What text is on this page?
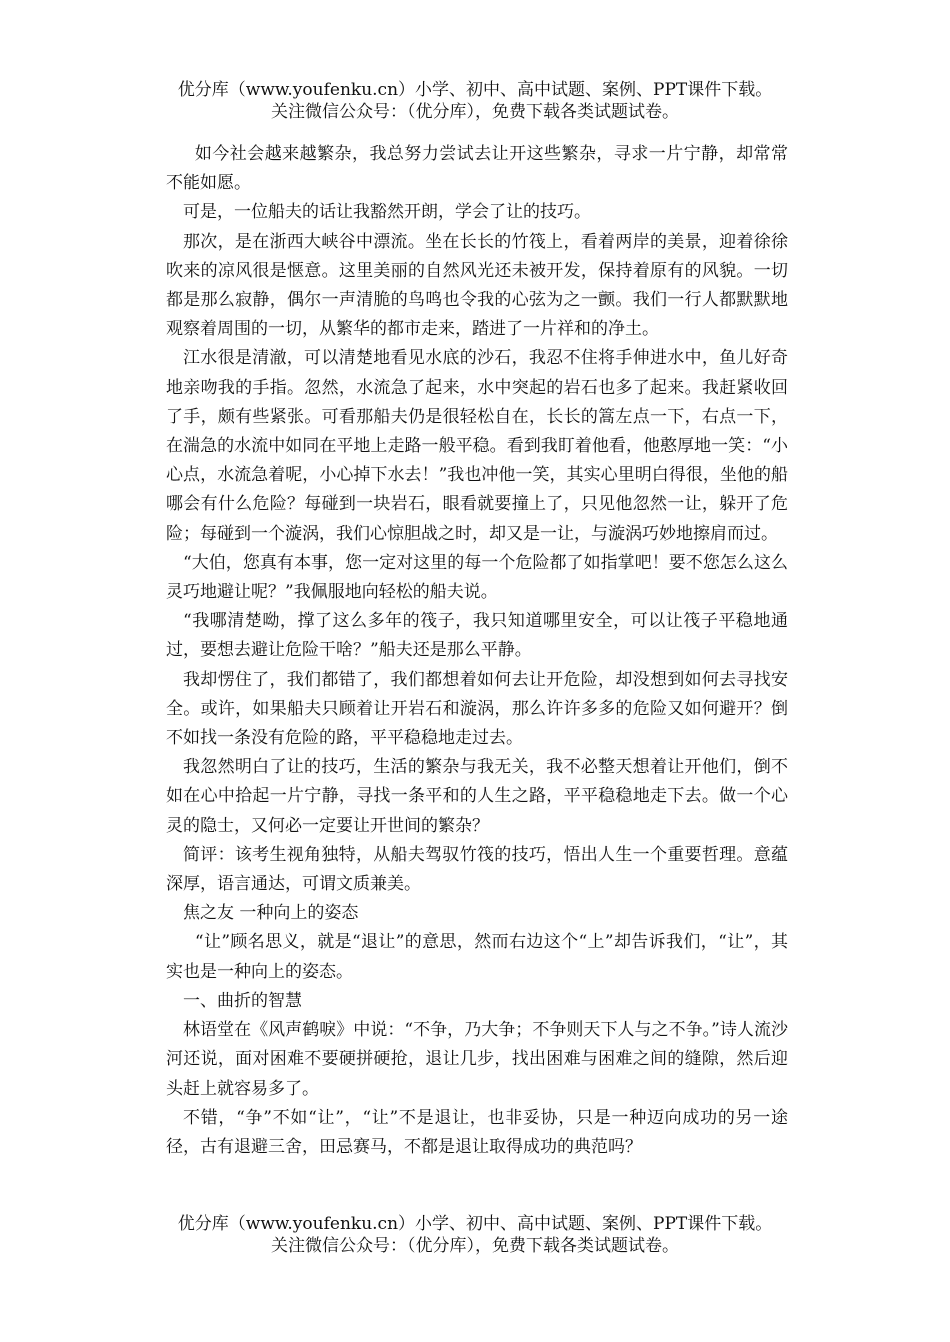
优分库（www.youfenku.cn）小学、初中、高中试题、案例、PPT课件下载。
关注微信公众号：（优分库），免费下载各类试题试卷。

如今社会越来越繁杂，我总努力尝试去让开这些繁杂，寻求一片宁静，却常常不能如愿。

可是，一位船夫的话让我豁然开朗，学会了让的技巧。

那次，是在浙西大峡谷中漂流。坐在长长的竹筏上，看着两岸的美景，迎着徐徐吹来的凉风很是惬意。这里美丽的自然风光还未被开发，保持着原有的风貌。一切都是那么寂静，偶尔一声清脆的鸟鸣也令我的心弦为之一颤。我们一行人都默默地观察着周围的一切，从繁华的都市走来，踏进了一片祥和的净土。

江水很是清澈，可以清楚地看见水底的沙石，我忍不住将手伸进水中，鱼儿好奇地亲吻我的手指。忽然，水流急了起来，水中突起的岩石也多了起来。我赶紧收回了手，颇有些紧张。可看那船夫仍是很轻松自在，长长的篙左点一下，右点一下，在湍急的水流中如同在平地上走路一般平稳。看到我盯着他看，他憨厚地一笑：“小心点，水流急着呢，小心掉下水去！”我也冲他一笑，其实心里明白得很，坐他的船哪会有什么危险？每碰到一块岩石，眼看就要撞上了，只见他忽然一让，躲开了危险；每碰到一个漩涡，我们心惊胆战之时，却又是一让，与漩涡巧妙地擦肩而过。

“大伯，您真有本事，您一定对这里的每一个危险都了如指掌吧！要不您怎么这么灵巧地避让呢？”我佩服地向轻松的船夫说。

“我哪清楚呦，撑了这么多年的筏子，我只知道哪里安全，可以让筏子平稳地通过，要想去避让危险干啥？”船夫还是那么平静。

我却愣住了，我们都错了，我们都想着如何去让开危险，却没想到如何去寻找安全。或许，如果船夫只顾着让开岩石和漩涡，那么许许多多的危险又如何避开？倒不如找一条没有危险的路，平平稳稳地走过去。

我忽然明白了让的技巧，生活的繁杂与我无关，我不必整天想着让开他们，倒不如在心中拾起一片宁静，寻找一条平和的人生之路，平平稳稳地走下去。做一个心灵的隐士，又何必一定要让开世间的繁杂？

简评：该考生视角独特，从船夫驾驭竹筏的技巧，悟出人生一个重要哲理。意蕴深厚，语言通达，可谓文质兼美。

焦之友 一种向上的姿态

“让”顾名思义，就是“退让”的意思，然而右边这个“上”却告诉我们，“让”，其实也是一种向上的姿态。

一、曲折的智慧

林语堂在《风声鹤唳》中说：“不争，乃大争；不争则天下人与之不争。”诗人流沙河还说，面对困难不要硬拼硬抢，退让几步，找出困难与困难之间的缝隙，然后迎头赶上就容易多了。

不错，“争”不如“让”，“让”不是退让，也非妥协，只是一种迈向成功的另一途径，古有退避三舍，田忌赛马，不都是退让取得成功的典范吗？

优分库（www.youfenku.cn）小学、初中、高中试题、案例、PPT课件下载。
关注微信公众号：（优分库），免费下载各类试题试卷。
